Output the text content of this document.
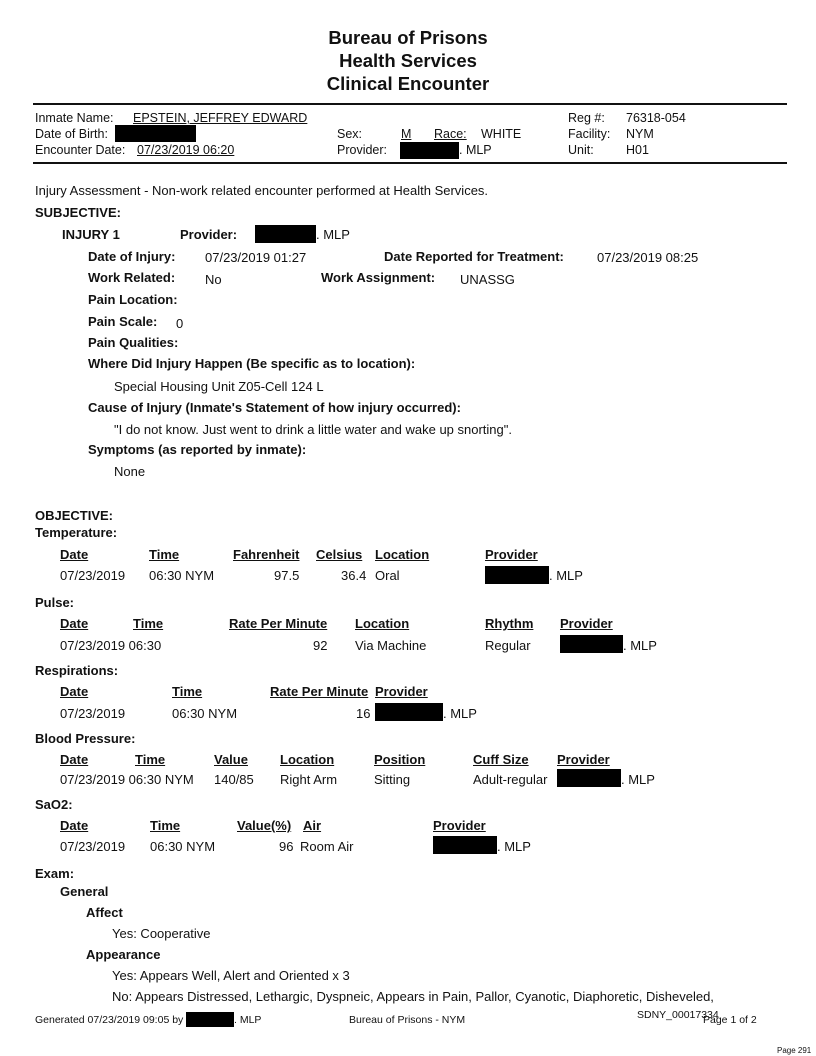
Bureau of Prisons
Health Services
Clinical Encounter
Inmate Name: EPSTEIN, JEFFREY EDWARD
Date of Birth:
Encounter Date: 07/23/2019 06:20
Sex:	M Race: WHITE
Provider:	. MLP
Reg #: 76318-054
Facility: NYM
Unit:	H01
Injury Assessment - Non-work related encounter performed at Health Services.
SUBJECTIVE:
INJURY 1	Provider:	. MLP
Date of Injury: 07/23/2019 01:27	Date Reported for Treatment:	07/23/2019 08:25
Work Related: No	Work Assignment: UNASSG
Pain Location:
Pain Scale: 0
Pain Qualities:
Where Did Injury Happen (Be specific as to location):
Special Housing Unit Z05-Cell 124 L
Cause of Injury (Inmate's Statement of how injury occurred):
"I do not know. Just went to drink a little water and wake up snorting".
Symptoms (as reported by inmate):
None
OBJECTIVE:
Temperature:
Date	Time	Fahrenheit Celsius Location	Provider
07/23/2019 06:30 NYM	97.5	36.4 Oral	. MLP
Pulse:
Date	Time	Rate Per Minute Location	Rhythm Provider
07/23/2019 06:30	92 Via Machine	Regular	. MLP
Respirations:
Date	Time	Rate Per Minute Provider
07/23/2019	06:30 NYM	16	. MLP
Blood Pressure:
Date	Time	Value Location	Position	Cuff Size Provider
07/23/2019 06:30 NYM 140/85 Right Arm	Sitting	Adult-regular	. MLP
SaO2:
Date	Time	Value(%) Air	Provider
07/23/2019 06:30 NYM	96 Room Air	. MLP
Exam:
General
Affect
Yes: Cooperative
Appearance
Yes: Appears Well, Alert and Oriented x 3
No: Appears Distressed, Lethargic, Dyspneic, Appears in Pain, Pallor, Cyanotic, Diaphoretic, Disheveled,
Generated 07/23/2019 09:05 by	. MLP	Bureau of Prisons - NYM	SDNY_00017334
Page 1 of 2
Page 291
